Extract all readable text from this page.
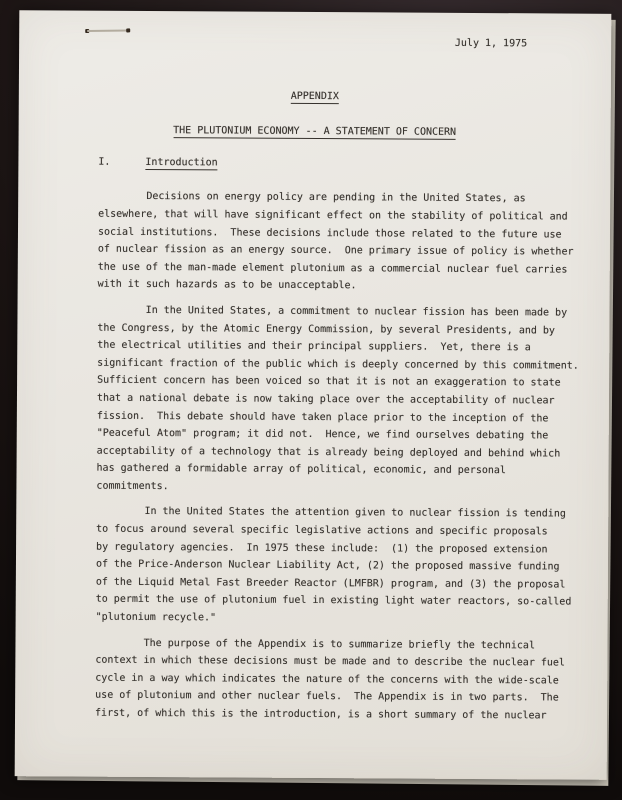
July 1, 1975
APPENDIX
THE PLUTONIUM ECONOMY -- A STATEMENT OF CONCERN
I.	Introduction
Decisions on energy policy are pending in the United States, as
elsewhere, that will have significant effect on the stability of political and
social institutions.  These decisions include those related to the future use
of nuclear fission as an energy source.  One primary issue of policy is whether
the use of the man-made element plutonium as a commercial nuclear fuel carries
with it such hazards as to be unacceptable.
In the United States, a commitment to nuclear fission has been made by
the Congress, by the Atomic Energy Commission, by several Presidents, and by
the electrical utilities and their principal suppliers.  Yet, there is a
significant fraction of the public which is deeply concerned by this commitment.
Sufficient concern has been voiced so that it is not an exaggeration to state
that a national debate is now taking place over the acceptability of nuclear
fission.  This debate should have taken place prior to the inception of the
"Peaceful Atom" program; it did not.  Hence, we find ourselves debating the
acceptability of a technology that is already being deployed and behind which
has gathered a formidable array of political, economic, and personal
commitments.
In the United States the attention given to nuclear fission is tending
to focus around several specific legislative actions and specific proposals
by regulatory agencies.  In 1975 these include:  (1) the proposed extension
of the Price-Anderson Nuclear Liability Act, (2) the proposed massive funding
of the Liquid Metal Fast Breeder Reactor (LMFBR) program, and (3) the proposal
to permit the use of plutonium fuel in existing light water reactors, so-called
"plutonium recycle."
The purpose of the Appendix is to summarize briefly the technical
context in which these decisions must be made and to describe the nuclear fuel
cycle in a way which indicates the nature of the concerns with the wide-scale
use of plutonium and other nuclear fuels.  The Appendix is in two parts.  The
first, of which this is the introduction, is a short summary of the nuclear
